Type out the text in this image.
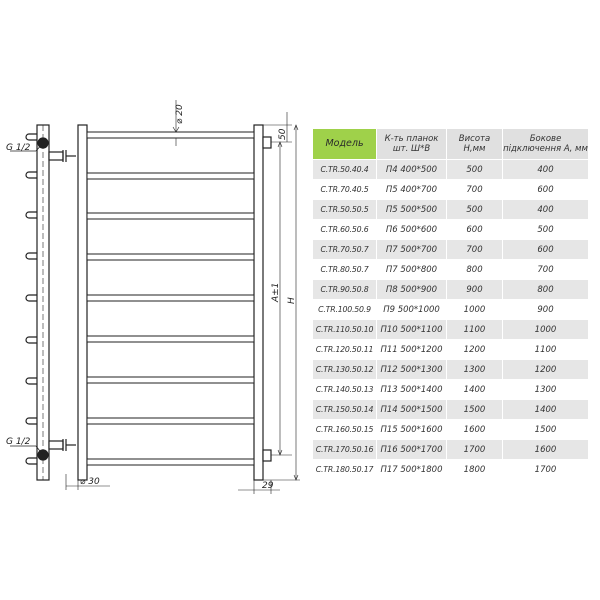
G 1/2
G 1/2
⌀ 20
50
A±1 H
⌀ 30	29
Модель	К-ть планок шт. Ш*В	Висота Н,мм	Бокове підключення А, мм
C.TR.50.40.4	П4 400*500	500	400
C.TR.70.40.5	П5 400*700	700	600
C.TR.50.50.5	П5 500*500	500	400
C.TR.60.50.6	П6 500*600	600	500
C.TR.70.50.7	П7 500*700	700	600
C.TR.80.50.7	П7 500*800	800	700
C.TR.90.50.8	П8 500*900	900	800
C.TR.100.50.9	П9 500*1000	1000	900
C.TR.110.50.10	П10 500*1100	1100	1000
C.TR.120.50.11	П11 500*1200	1200	1100
C.TR.130.50.12	П12 500*1300	1300	1200
C.TR.140.50.13	П13 500*1400	1400	1300
C.TR.150.50.14	П14 500*1500	1500	1400
C.TR.160.50.15	П15 500*1600	1600	1500
C.TR.170.50.16	П16 500*1700	1700	1600
C.TR.180.50.17	П17 500*1800	1800	1700
